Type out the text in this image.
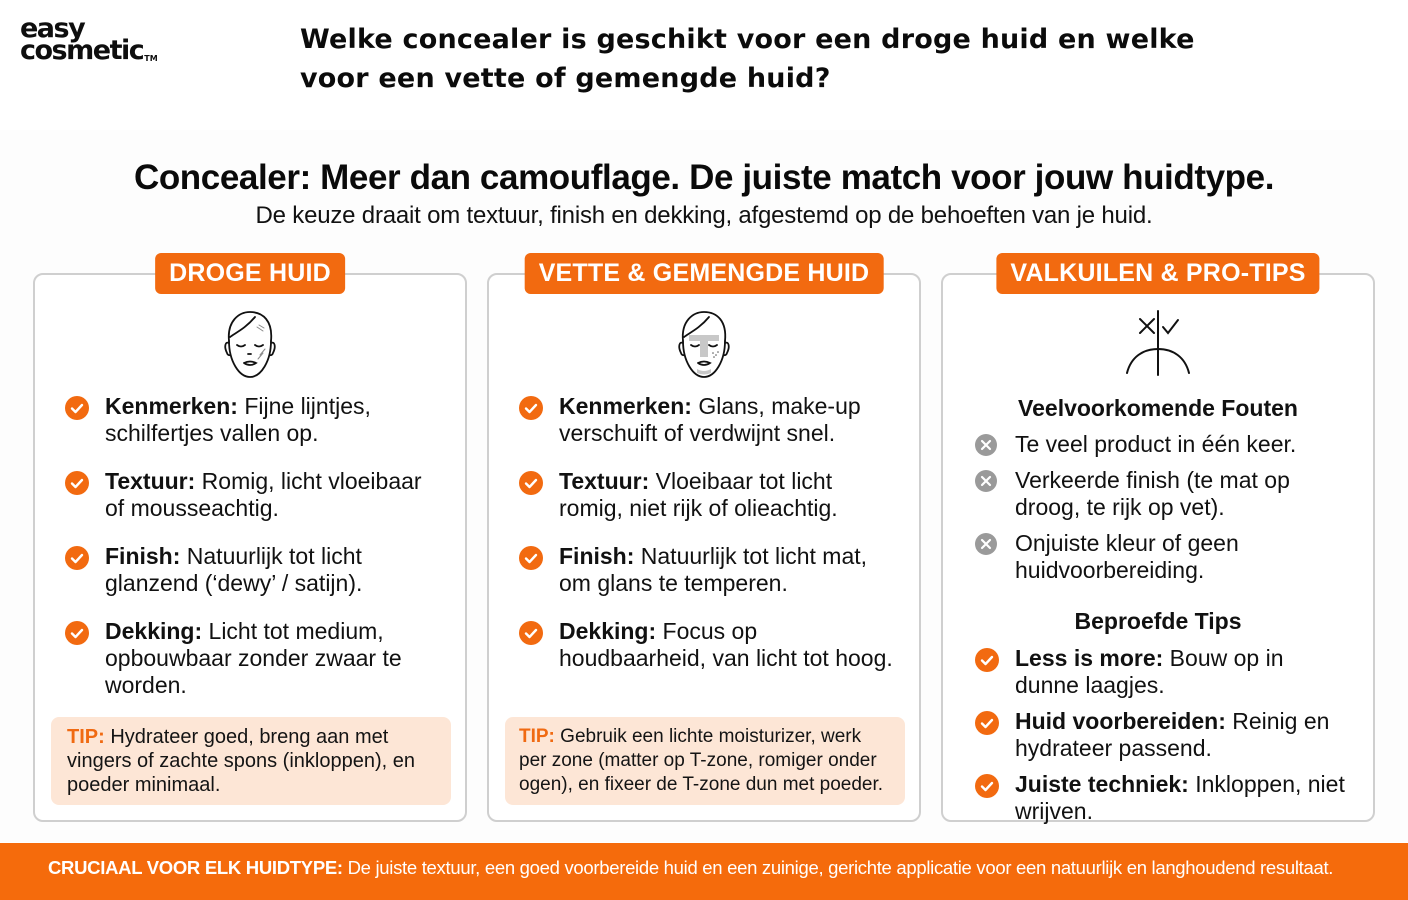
easy
cosmetic™
Welke concealer is geschikt voor een droge huid en welke voor een vette of gemengde huid?
Concealer: Meer dan camouflage. De juiste match voor jouw huidtype.
De keuze draait om textuur, finish en dekking, afgestemd op de behoeften van je huid.
DROGE HUID
Kenmerken: Fijne lijntjes, schilfertjes vallen op.
Textuur: Romig, licht vloeibaar of mousseachtig.
Finish: Natuurlijk tot licht glanzend (‘dewy’ / satijn).
Dekking: Licht tot medium, opbouwbaar zonder zwaar te worden.
TIP: Hydrateer goed, breng aan met vingers of zachte spons (inkloppen), en poeder minimaal.
VETTE & GEMENGDE HUID
Kenmerken: Glans, make-up verschuift of verdwijnt snel.
Textuur: Vloeibaar tot licht romig, niet rijk of olieachtig.
Finish: Natuurlijk tot licht mat, om glans te temperen.
Dekking: Focus op houdbaarheid, van licht tot hoog.
TIP: Gebruik een lichte moisturizer, werk per zone (matter op T-zone, romiger onder ogen), en fixeer de T-zone dun met poeder.
VALKUILEN & PRO-TIPS
Veelvoorkomende Fouten
Te veel product in één keer.
Verkeerde finish (te mat op droog, te rijk op vet).
Onjuiste kleur of geen huidvoorbereiding.
Beproefde Tips
Less is more: Bouw op in dunne laagjes.
Huid voorbereiden: Reinig en hydrateer passend.
Juiste techniek: Inkloppen, niet wrijven.
CRUCIAAL VOOR ELK HUIDTYPE: De juiste textuur, een goed voorbereide huid en een zuinige, gerichte applicatie voor een natuurlijk en langhoudend resultaat.
